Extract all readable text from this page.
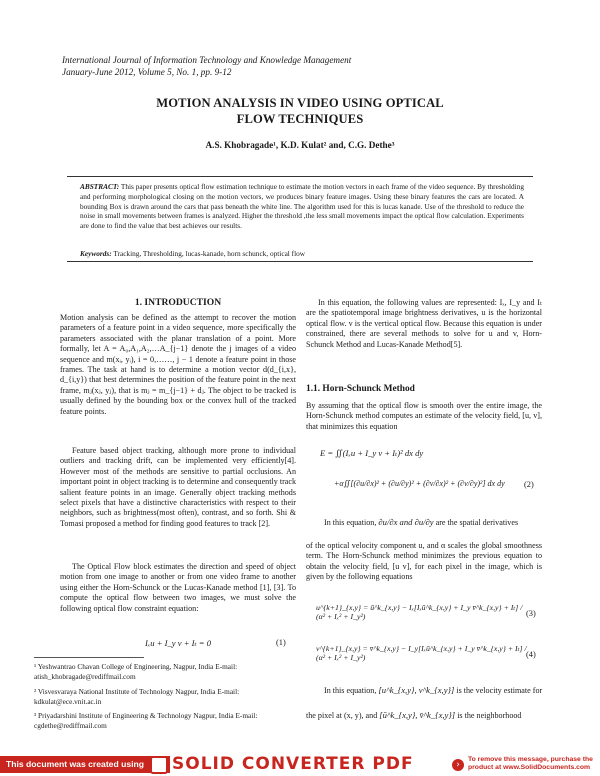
International Journal of Information Technology and Knowledge Management
January-June 2012, Volume 5, No. 1, pp. 9-12
MOTION ANALYSIS IN VIDEO USING OPTICAL
FLOW TECHNIQUES
A.S. Khobragade¹, K.D. Kulat² and, C.G. Dethe³
ABSTRACT: This paper presents optical flow estimation technique to estimate the motion vectors in each frame of the video sequence. By thresholding and performing morphological closing on the motion vectors, we produces binary feature images. Using these binary features the cars are located. A bounding Box is drawn around the cars that pass beneath the white line. The algorithm used for this is lucas kanade. Use of the threshold to reduce the noise in small movements between frames is analyzed. Higher the threshold ,the less small movements impact the optical flow calculation. Experiments are done to find the value that best achieves our results.
Keywords: Tracking, Thresholding, lucas-kanade, horn schunck, optical flow
1. INTRODUCTION
Motion analysis can be defined as the attempt to recover the motion parameters of a feature point in a video sequence, more specifically the parameters associated with the planar translation of a point. More formally, let A = A₀,A₁,A₂,…A_{j−1} denote the j images of a video sequence and m(xᵢ, yᵢ), i = 0,……, j − 1 denote a feature point in those frames. The task at hand is to determine a motion vector d(d_{i,x}, d_{i,y}) that best determines the position of the feature point in the next frame, mⱼ(xⱼ, yⱼ), that is mⱼ = m_{j−1} + dⱼ. The object to be tracked is usually defined by the bounding box or the convex hull of the tracked feature points.
Feature based object tracking, although more prone to individual outliers and tracking drift, can be implemented very efficiently[4]. However most of the methods are sensitive to partial occlusions. An important point in object tracking is to determine and consequently track salient feature points in an image. Generally object tracking methods select pixels that have a distinctive characteristics with respect to their neighbors, such as brightness(most often), contrast, and so forth. Shi & Tomasi proposed a method for finding good features to track [2].
The Optical Flow block estimates the direction and speed of object motion from one image to another or from one video frame to another using either the Horn-Schunck or the Lucas-Kanade method [1], [3]. To compute the optical flow between two images, we must solve the following optical flow constraint equation:
Iₓu + I_y v + Iₜ = 0	(1)
¹ Yeshwantrao Chavan College of Engineering, Nagpur, India E-mail: atish_khobragade@rediffmail.com
² Visvesvaraya National Institute of Technology Nagpur, India E-mail: kdkulat@ece.vnit.ac.in
³ Priyadarshini Institute of Engineering & Technology Nagpur, India E-mail: cgdethe@rediffmail.com
In this equation, the following values are represented: Iₓ, I_y and Iₜ are the spatiotemporal image brightness derivatives, u is the horizontal optical flow. v is the vertical optical flow. Because this equation is under constrained, there are several methods to solve for u and v, Horn-Schunck Method and Lucas-Kanade Method[5].
1.1. Horn-Schunck Method
By assuming that the optical flow is smooth over the entire image, the Horn-Schunck method computes an estimate of the velocity field, [u, v], that minimizes this equation
E = ∬(Iₓu + I_y v + Iₜ)² dx dy
+α∬[(∂u/∂x)² + (∂u/∂y)² + (∂v/∂x)² + (∂v/∂y)²] dx dy (2)
In this equation, ∂u/∂x and ∂u/∂y are the spatial derivatives
of the optical velocity component u, and α scales the global smoothness term. The Horn-Schunck method minimizes the previous equation to obtain the velocity field, [u v], for each pixel in the image, which is given by the following equations
u^{k+1}_{x,y} = ū^k_{x,y} − Iₓ[Iₓū^k_{x,y} + I_y v̄^k_{x,y} + Iₜ] / (α² + Iₓ² + I_y²)	(3)
v^{k+1}_{x,y} = v̄^k_{x,y} − I_y[Iₓū^k_{x,y} + I_y v̄^k_{x,y} + Iₜ] / (α² + Iₓ² + I_y²)	(4)
In this equation, [u^k_{x,y}, v^k_{x,y}] is the velocity estimate for
the pixel at (x, y), and [ū^k_{x,y}, v̄^k_{x,y}] is the neighborhood
This document was created using	SOLID CONVERTER PDF	›
To remove this message, purchase the
product at www.SolidDocuments.com
